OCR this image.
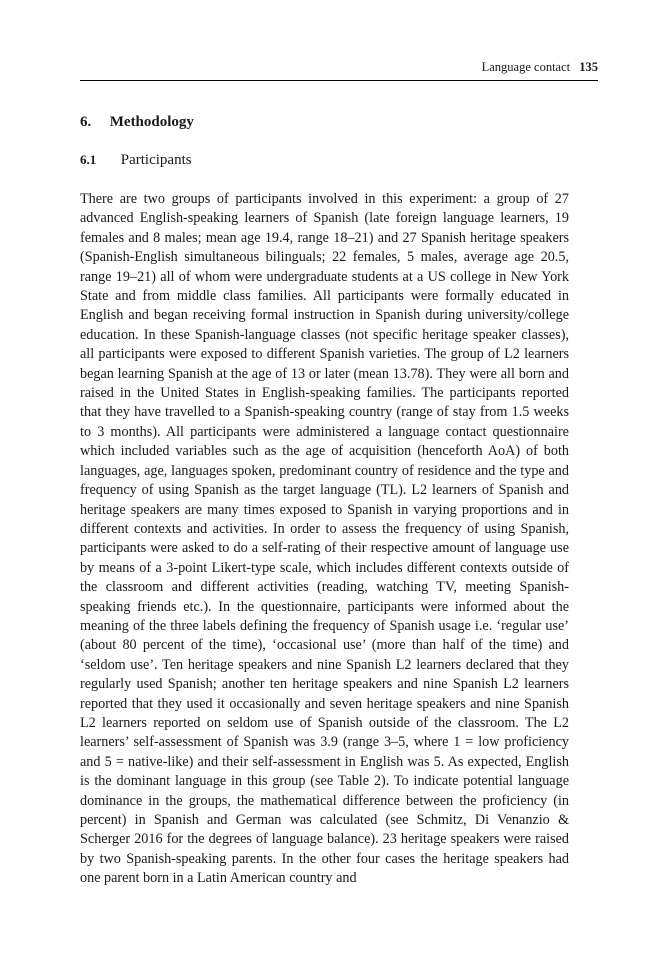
Language contact 135
6. Methodology
6.1 Participants

There are two groups of participants involved in this experiment: a group of 27 advanced English-speaking learners of Spanish (late foreign language learners, 19 females and 8 males; mean age 19.4, range 18–21) and 27 Spanish heritage speakers (Spanish-English simultaneous bilinguals; 22 females, 5 males, average age 20.5, range 19–21) all of whom were undergraduate students at a US college in New York State and from middle class families. All participants were formally educated in English and began receiving formal instruction in Spanish during university/college education. In these Spanish-language classes (not specific heritage speaker classes), all participants were exposed to different Spanish varieties. The group of L2 learners began learning Spanish at the age of 13 or later (mean 13.78). They were all born and raised in the United States in English-speaking families. The participants reported that they have travelled to a Spanish-speaking country (range of stay from 1.5 weeks to 3 months). All participants were administered a language contact questionnaire which included variables such as the age of acquisition (henceforth AoA) of both languages, age, languages spoken, predominant country of residence and the type and frequency of using Spanish as the target language (TL). L2 learners of Spanish and heritage speakers are many times exposed to Spanish in varying proportions and in different contexts and activities. In order to assess the frequency of using Spanish, participants were asked to do a self-rating of their respective amount of language use by means of a 3-point Likert-type scale, which includes different contexts outside of the classroom and different activities (reading, watching TV, meeting Spanish-speaking friends etc.). In the questionnaire, participants were informed about the meaning of the three labels defining the frequency of Spanish usage i.e. ‘regular use’ (about 80 percent of the time), ‘occasional use’ (more than half of the time) and ‘seldom use’. Ten heritage speakers and nine Spanish L2 learners declared that they regularly used Spanish; another ten heritage speakers and nine Spanish L2 learners reported that they used it occasionally and seven heritage speakers and nine Spanish L2 learners reported on seldom use of Spanish outside of the classroom. The L2 learners’ self-assessment of Spanish was 3.9 (range 3–5, where 1 = low proficiency and 5 = native-like) and their self-assessment in English was 5. As expected, English is the dominant language in this group (see Table 2). To indicate potential language dominance in the groups, the mathematical difference between the proficiency (in percent) in Spanish and German was calculated (see Schmitz, Di Venanzio & Scherger 2016 for the degrees of language balance). 23 heritage speakers were raised by two Spanish-speaking parents. In the other four cases the heritage speakers had one parent born in a Latin American country and
